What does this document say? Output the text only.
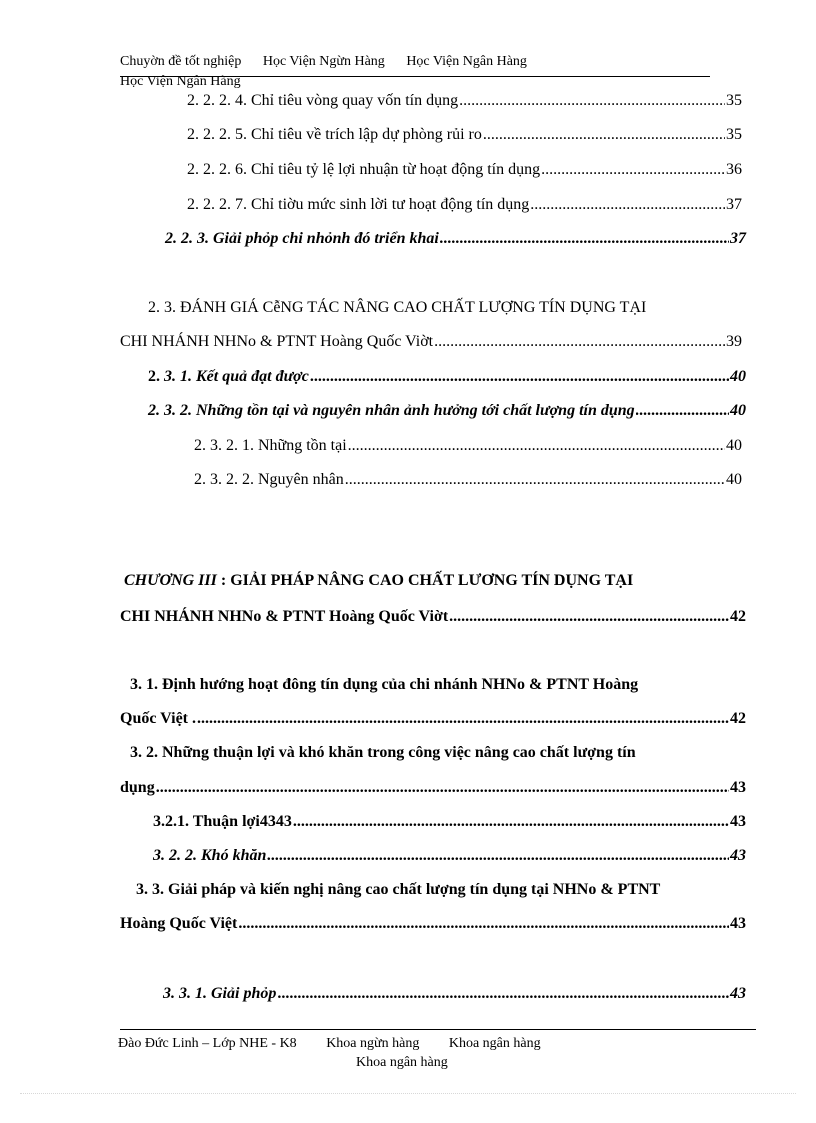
Chuyờn đề tốt nghiệp Học Viện Ngừn Hàng Học Viện Ngân Hàng
Học Viện Ngân Hàng
2. 2. 2. 4. Chỉ tiêu vòng quay vốn tín dụng .....	35
2. 2. 2. 5. Chỉ tiêu về trích lập dự phòng rủi ro .....	35
2. 2. 2. 6. Chỉ tiêu tỷ lệ lợi nhuận từ hoạt động tín dụng .....	36
2. 2. 2. 7. Chỉ tiờu mức sinh lời tư hoạt động tín dụng .....	37
2. 2. 3. Giải phỏp chi nhỏnh đó triển khai .....	37
2. 3. ĐÁNH GIÁ CễNG TÁC NÂNG CAO CHẤT LƯỢNG TÍN DỤNG TẠI
CHI NHÁNH NHNo & PTNT Hoàng Quốc Viờt .....	39
2. 3. 1. Kết quả đạt được .....	40
2. 3. 2. Những tồn tại và nguyên nhân ảnh hưởng tới chất lượng tín dụng .....	40
2. 3. 2. 1. Những tồn tại .....	40
2. 3. 2. 2. Nguyên nhân .....	40
CHƯƠNG III : GIẢI PHÁP NÂNG CAO CHẤT LƯƠNG TÍN DỤNG TẠI
CHI NHÁNH NHNo & PTNT Hoàng Quốc Viờt .....	42
3. 1. Định hướng hoạt đông tín dụng của chi nhánh NHNo & PTNT Hoàng
Quốc Việt . .....	42
3. 2. Những thuận lợi và khó khăn trong công việc nâng cao chất lượng tín
dụng .....	43
3.2.1. Thuận lợi4343 .....	43
3. 2. 2. Khó khăn .....	43
3. 3. Giải pháp và kiến nghị nâng cao chất lượng tín dụng tại NHNo & PTNT
Hoàng Quốc Việt .....	43
3. 3. 1. Giải phỏp .....	43
Đào Đức Linh – Lớp NHE - K8 Khoa ngừn hàng Khoa ngân hàng
Khoa ngân hàng
